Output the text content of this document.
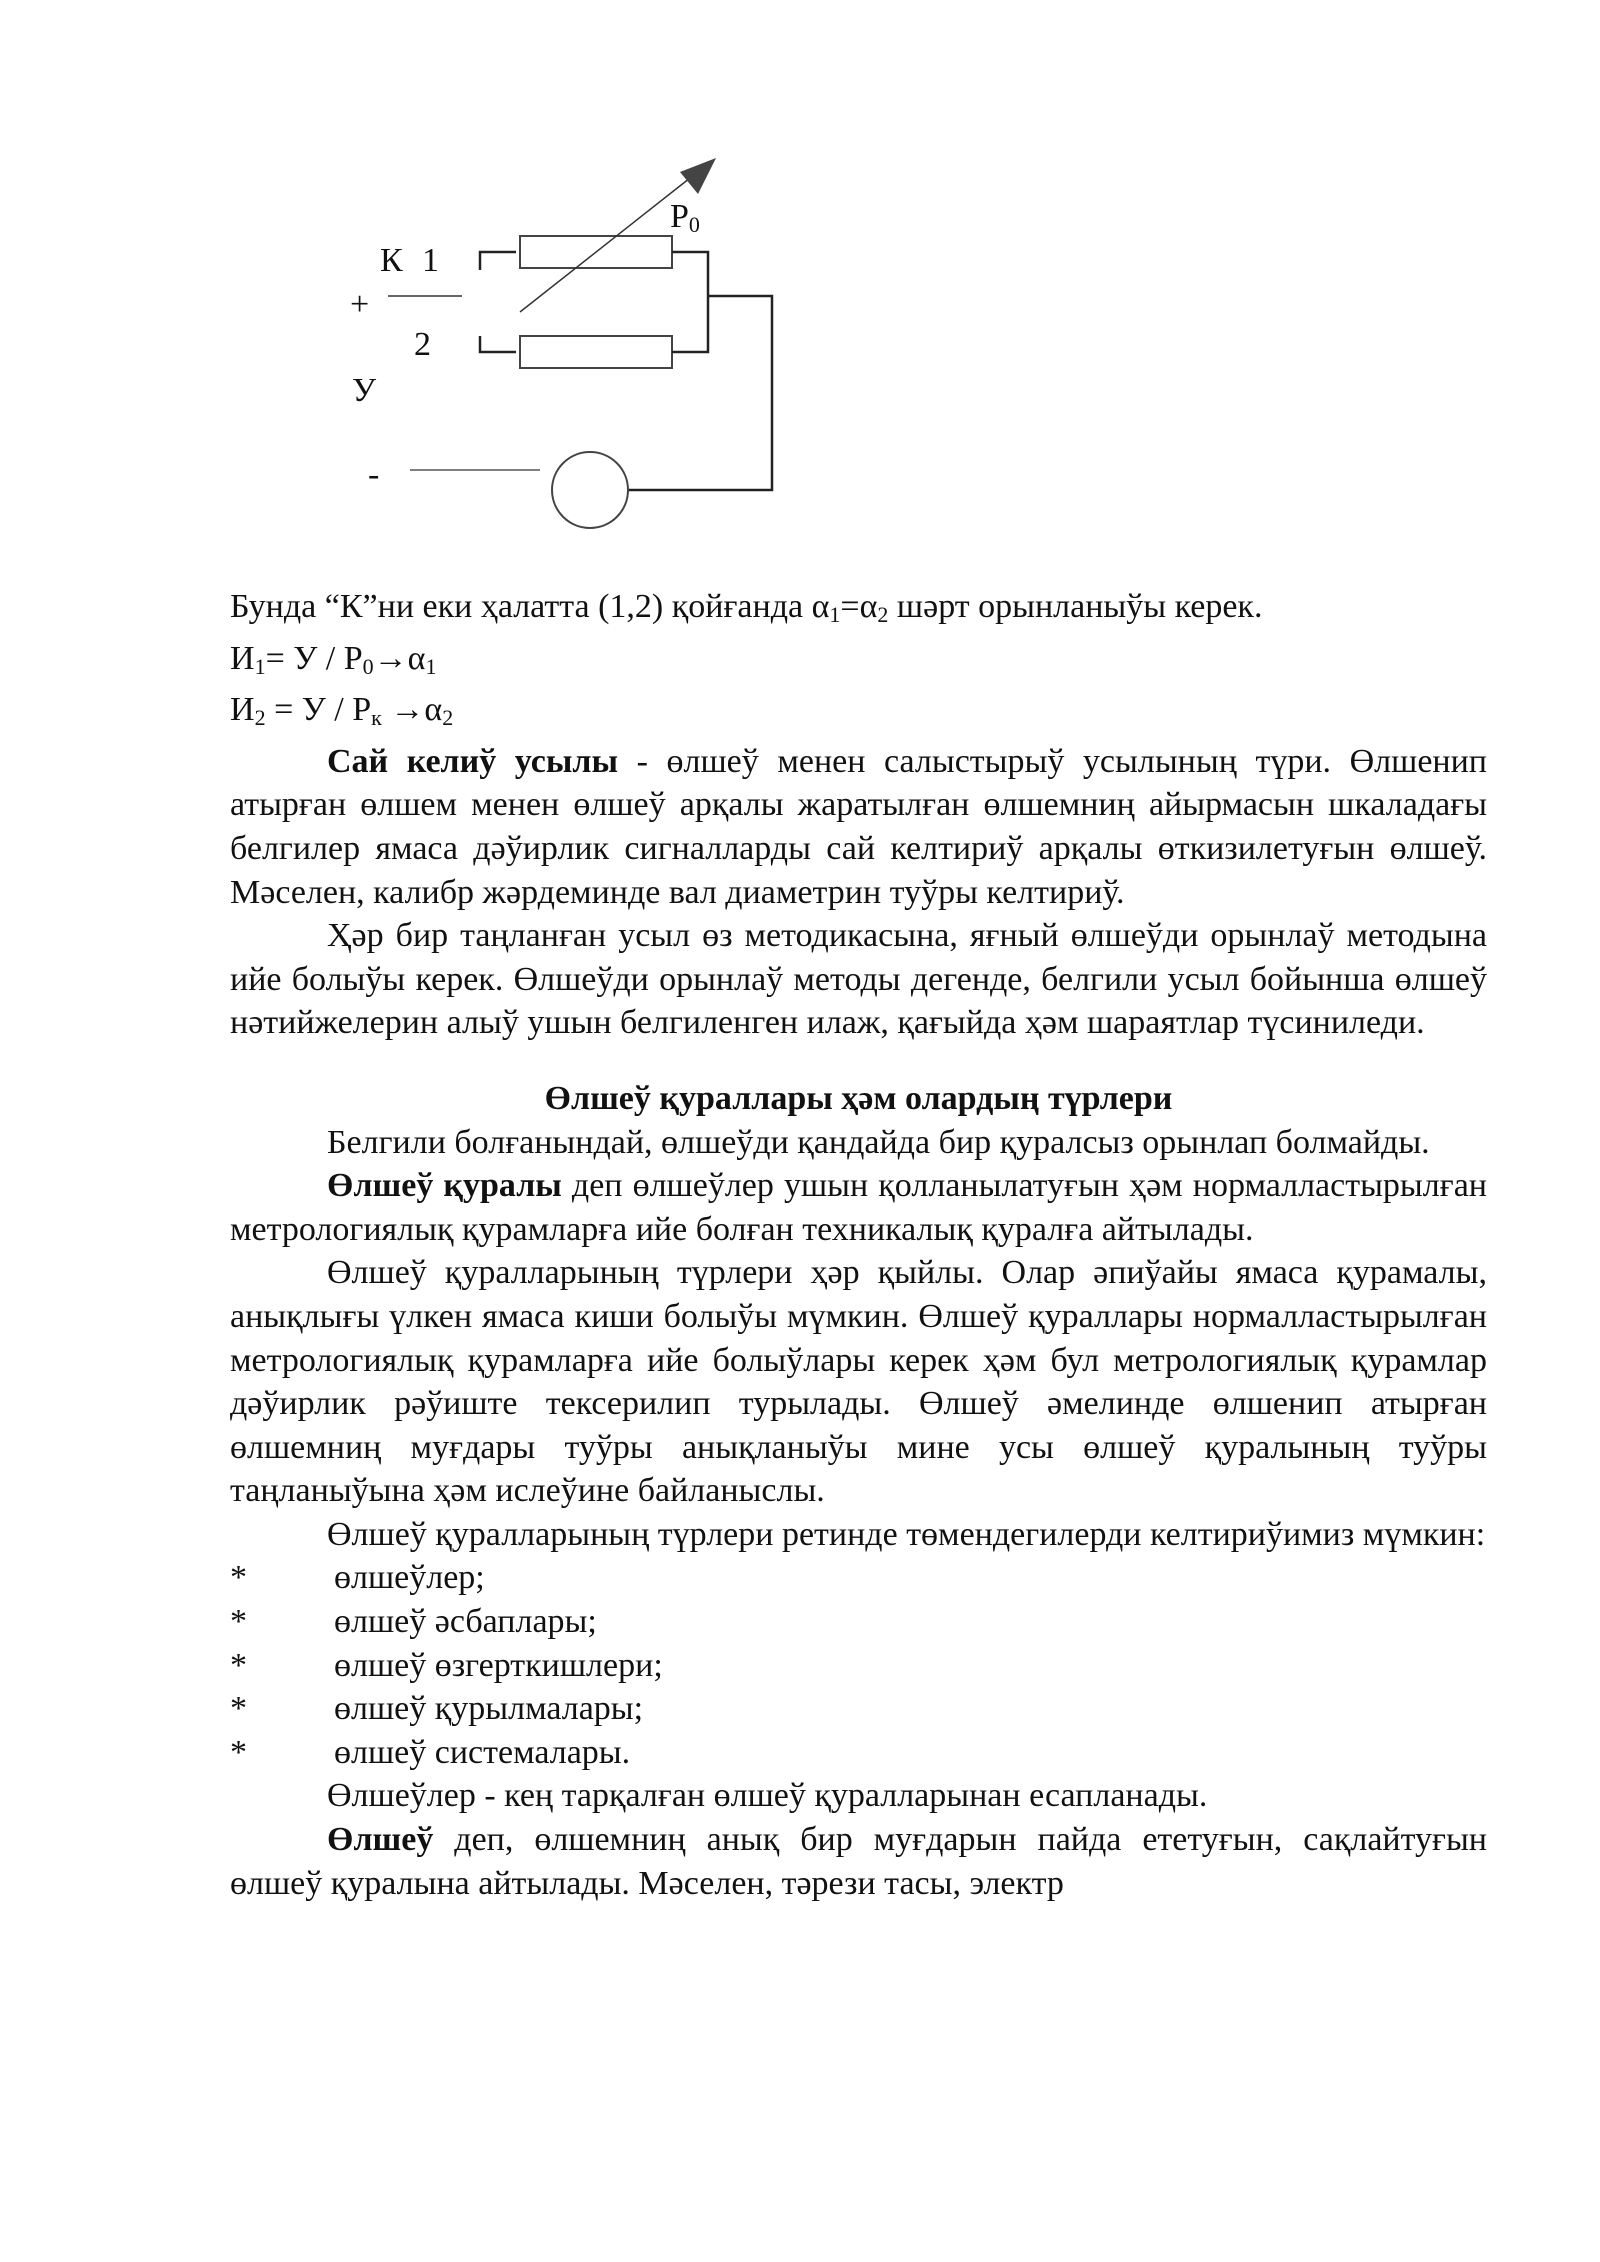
К 1
+
2
У
-
$Р_0$

Бунда “К”ни еки ҳалатта (1,2) қойғанда $\alpha_1=\alpha_2$ шәрт орынланыўы керек.

$И_1= У / Р_0\to\alpha_1$

$И_2 = У / Р_к \to\alpha_2$

Сай келиў усылы - өлшеў менен салыстырыў усылының түри. Өлшенип атырған өлшем менен өлшеў арқалы жаратылған өлшемниң айырмасын шкаладағы белгилер ямаса дәўирлик сигналларды сай келтириў арқалы өткизилетуғын өлшеў. Мәселен, калибр жәрдеминде вал диаметрин туўры келтириў.

Ҳәр бир таңланған усыл өз методикасына, яғный өлшеўди орынлаў методына ийе болыўы керек. Өлшеўди орынлаў методы дегенде, белгили усыл бойынша өлшеў нәтийжелерин алыў ушын белгиленген илаж, қағыйда ҳәм шараятлар түсиниледи.

Өлшеў қураллары ҳәм олардың түрлери

Белгили болғанындай, өлшеўди қандайда бир қуралсыз орынлап болмайды.

Өлшеў қуралы деп өлшеўлер ушын қолланылатуғын ҳәм нормалластырылған метрологиялық қурамларға ийе болған техникалық қуралға айтылады.

Өлшеў қуралларының түрлери ҳәр қыйлы. Олар әпиўайы ямаса қурамалы, анықлығы үлкен ямаса киши болыўы мүмкин. Өлшеў қураллары нормалластырылған метрологиялық қурамларға ийе болыўлары керек ҳәм бул метрологиялық қурамлар дәўирлик рәўиште тексерилип турылады. Өлшеў әмелинде өлшенип атырған өлшемниң муғдары туўры анықланыўы мине усы өлшеў қуралының туўры таңланыўына ҳәм ислеўине байланыслы.

Өлшеў қуралларының түрлери ретинде төмендегилерди келтириўимиз мүмкин:

*	өлшеўлер;

*	өлшеў әсбаплары;

*	өлшеў өзгерткишлери;

*	өлшеў қурылмалары;

*	өлшеў системалары.

Өлшеўлер - кең тарқалған өлшеў қуралларынан есапланады.

Өлшеў деп, өлшемниң анық бир муғдарын пайда ететуғын, сақлайтуғын өлшеў қуралына айтылады. Мәселен, тәрези тасы, электр
